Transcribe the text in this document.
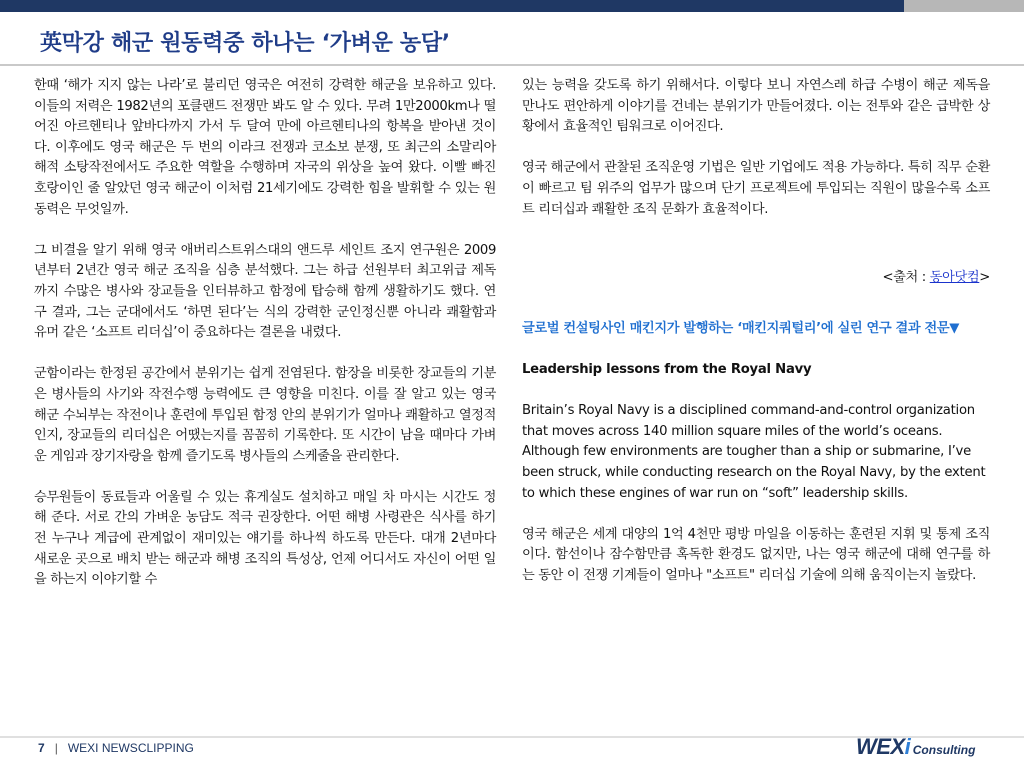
英막강 해군 원동력중 하나는 ‘가벼운 농담’

한때 ‘해가 지지 않는 나라’로 불리던 영국은 여전히 강력한 해군을 보유하고 있다. 이들의 저력은 1982년의 포클랜드 전쟁만 봐도 알 수 있다. 무려 1만2000km나 떨어진 아르헨티나 앞바다까지 가서 두 달여 만에 아르헨티나의 항복을 받아낸 것이다. 이후에도 영국 해군은 두 번의 이라크 전쟁과 코소보 분쟁, 또 최근의 소말리아 해적 소탕작전에서도 주요한 역할을 수행하며 자국의 위상을 높여 왔다. 이빨 빠진 호랑이인 줄 알았던 영국 해군이 이처럼 21세기에도 강력한 힘을 발휘할 수 있는 원동력은 무엇일까.

그 비결을 알기 위해 영국 애버리스트위스대의 앤드루 세인트 조지 연구원은 2009년부터 2년간 영국 해군 조직을 심층 분석했다. 그는 하급 선원부터 최고위급 제독까지 수많은 병사와 장교들을 인터뷰하고 함정에 탑승해 함께 생활하기도 했다. 연구 결과, 그는 군대에서도 ‘하면 된다’는 식의 강력한 군인정신뿐 아니라 쾌활함과 유머 같은 ‘소프트 리더십’이 중요하다는 결론을 내렸다.

군함이라는 한정된 공간에서 분위기는 쉽게 전염된다. 함장을 비롯한 장교들의 기분은 병사들의 사기와 작전수행 능력에도 큰 영향을 미친다. 이를 잘 알고 있는 영국 해군 수뇌부는 작전이나 훈련에 투입된 함정 안의 분위기가 얼마나 쾌활하고 열정적인지, 장교들의 리더십은 어땠는지를 꼼꼼히 기록한다. 또 시간이 남을 때마다 가벼운 게임과 장기자랑을 함께 즐기도록 병사들의 스케줄을 관리한다.

승무원들이 동료들과 어울릴 수 있는 휴게실도 설치하고 매일 차 마시는 시간도 정해 준다. 서로 간의 가벼운 농담도 적극 권장한다. 어떤 해병 사령관은 식사를 하기 전 누구나 계급에 관계없이 재미있는 얘기를 하나씩 하도록 만든다. 대개 2년마다 새로운 곳으로 배치 받는 해군과 해병 조직의 특성상, 언제 어디서도 자신이 어떤 일을 하는지 이야기할 수

있는 능력을 갖도록 하기 위해서다. 이렇다 보니 자연스레 하급 수병이 해군 제독을 만나도 편안하게 이야기를 건네는 분위기가 만들어졌다. 이는 전투와 같은 급박한 상황에서 효율적인 팀워크로 이어진다.

영국 해군에서 관찰된 조직운영 기법은 일반 기업에도 적용 가능하다. 특히 직무 순환이 빠르고 팀 위주의 업무가 많으며 단기 프로젝트에 투입되는 직원이 많을수록 소프트 리더십과 쾌활한 조직 문화가 효율적이다.

<출처 : 동아닷컴>

글로벌 컨설팅사인 매킨지가 발행하는 ‘매킨지쿼털리’에 실린 연구 결과 전문▼

Leadership lessons from the Royal Navy

Britain’s Royal Navy is a disciplined command-and-control organization that moves across 140 million square miles of the world’s oceans. Although few environments are tougher than a ship or submarine, I’ve been struck, while conducting research on the Royal Navy, by the extent to which these engines of war run on “soft” leadership skills.

영국 해군은 세계 대양의 1억 4천만 평방 마일을 이동하는 훈련된 지휘 및 통제 조직이다. 함선이나 잠수함만큼 혹독한 환경도 없지만, 나는 영국 해군에 대해 연구를 하는 동안 이 전쟁 기계들이 얼마나 "소프트" 리더십 기술에 의해 움직이는지 놀랐다.

7 | WEXI NEWSCLIPPING	WEXi Consulting
